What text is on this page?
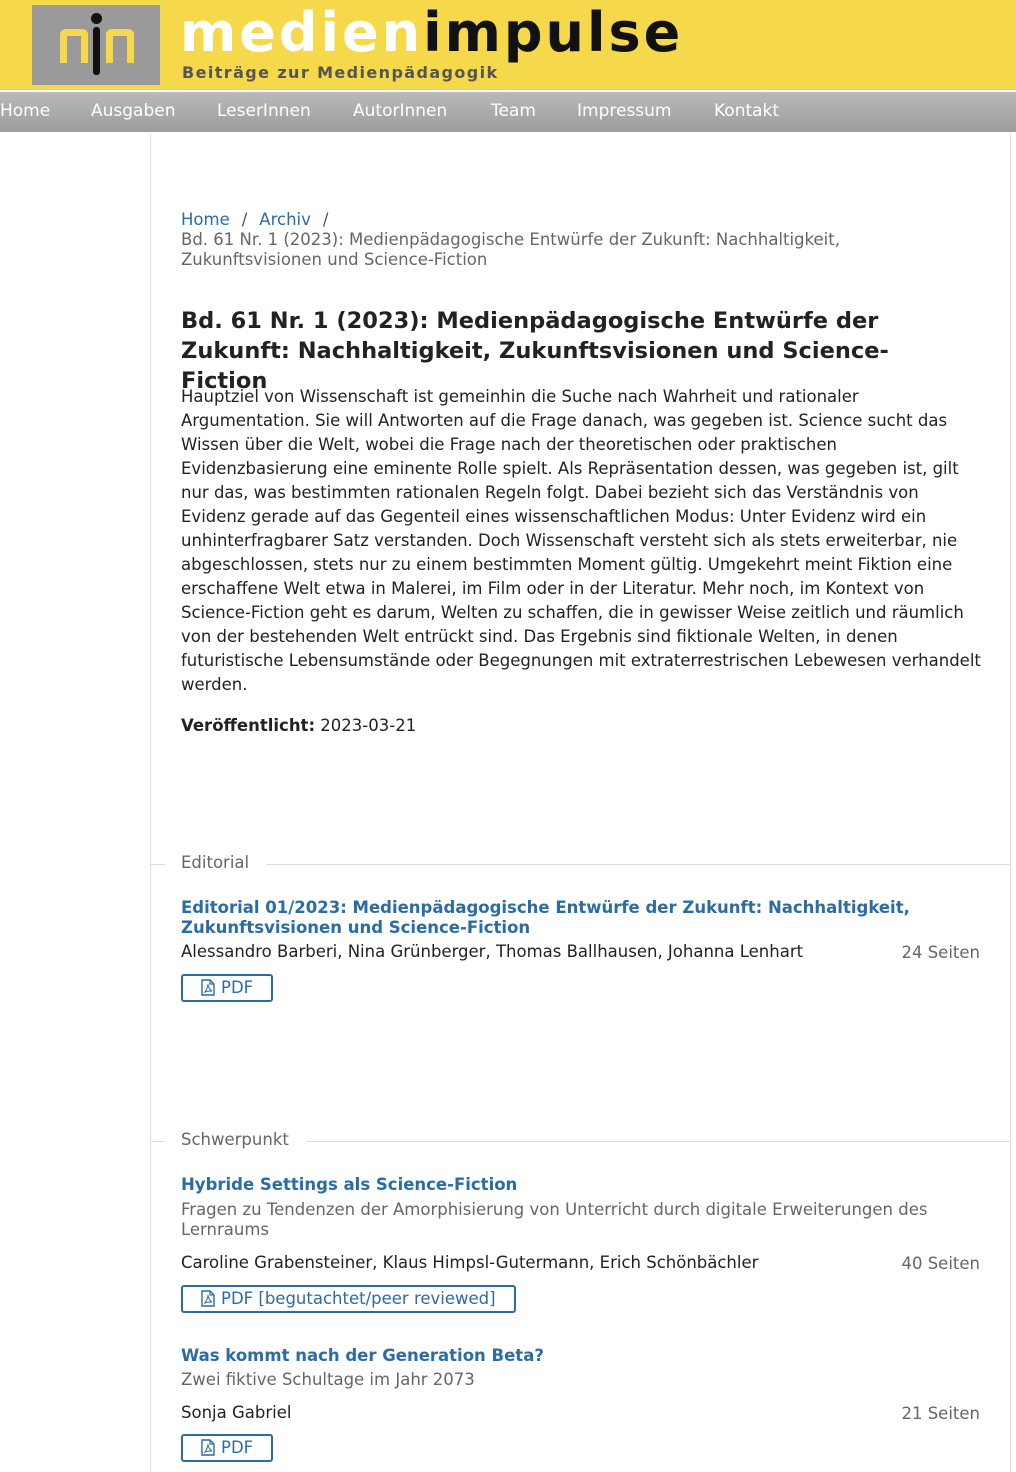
medienimpulse
Beiträge zur Medienpädagogik
Home Ausgaben LeserInnen AutorInnen	Team Impressum	Kontakt
Home / Archiv /
Bd. 61 Nr. 1 (2023): Medienpädagogische Entwürfe der Zukunft: Nachhaltigkeit, Zukunftsvisionen und Science-Fiction
Bd. 61 Nr. 1 (2023): Medienpädagogische Entwürfe der Zukunft: Nachhaltigkeit, Zukunftsvisionen und Science-Fiction

Hauptziel von Wissenschaft ist gemeinhin die Suche nach Wahrheit und rationaler Argumentation. Sie will Antworten auf die Frage danach, was gegeben ist. Science sucht das Wissen über die Welt, wobei die Frage nach der theoretischen oder praktischen Evidenzbasierung eine eminente Rolle spielt. Als Repräsentation dessen, was gegeben ist, gilt nur das, was bestimmten rationalen Regeln folgt. Dabei bezieht sich das Verständnis von Evidenz gerade auf das Gegenteil eines wissenschaftlichen Modus: Unter Evidenz wird ein unhinterfragbarer Satz verstanden. Doch Wissenschaft versteht sich als stets erweiterbar, nie abgeschlossen, stets nur zu einem bestimmten Moment gültig. Umgekehrt meint Fiktion eine erschaffene Welt etwa in Malerei, im Film oder in der Literatur. Mehr noch, im Kontext von Science-Fiction geht es darum, Welten zu schaffen, die in gewisser Weise zeitlich und räumlich von der bestehenden Welt entrückt sind. Das Ergebnis sind fiktionale Welten, in denen futuristische Lebensumstände oder Begegnungen mit extraterrestrischen Lebewesen verhandelt werden.

Veröffentlicht: 2023-03-21
Editorial
Editorial 01/2023: Medienpädagogische Entwürfe der Zukunft: Nachhaltigkeit, Zukunftsvisionen und Science-Fiction
Alessandro Barberi, Nina Grünberger, Thomas Ballhausen, Johanna Lenhart	24 Seiten
PDF
Schwerpunkt
Hybride Settings als Science-Fiction
Fragen zu Tendenzen der Amorphisierung von Unterricht durch digitale Erweiterungen des Lernraums
Caroline Grabensteiner, Klaus Himpsl-Gutermann, Erich Schönbächler	40 Seiten
PDF [begutachtet/peer reviewed]
Was kommt nach der Generation Beta?
Zwei fiktive Schultage im Jahr 2073
Sonja Gabriel	21 Seiten
PDF
